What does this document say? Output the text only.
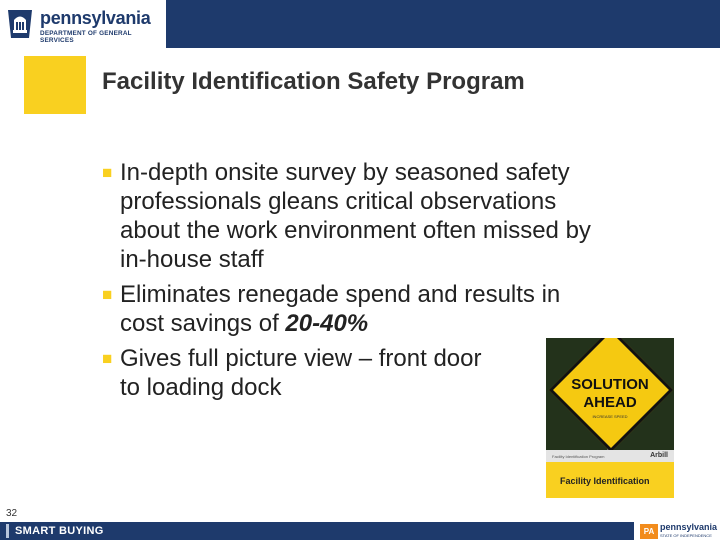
pennsylvania
DEPARTMENT OF GENERAL SERVICES
Facility Identification Safety Program
■ In-depth onsite survey by seasoned safety
professionals gleans critical observations
about the work environment often missed by
in-house staff
■ Eliminates renegade spend and results in
cost savings of 20-40%
■ Gives full picture view – front door
to loading dock	SOLUTION
AHEAD
INCREASE SPEED
Facility Identification Program	Arbill
Facility Identification
32
SMART BUYING	PA pennsylvania
STATE OF INDEPENDENCE
